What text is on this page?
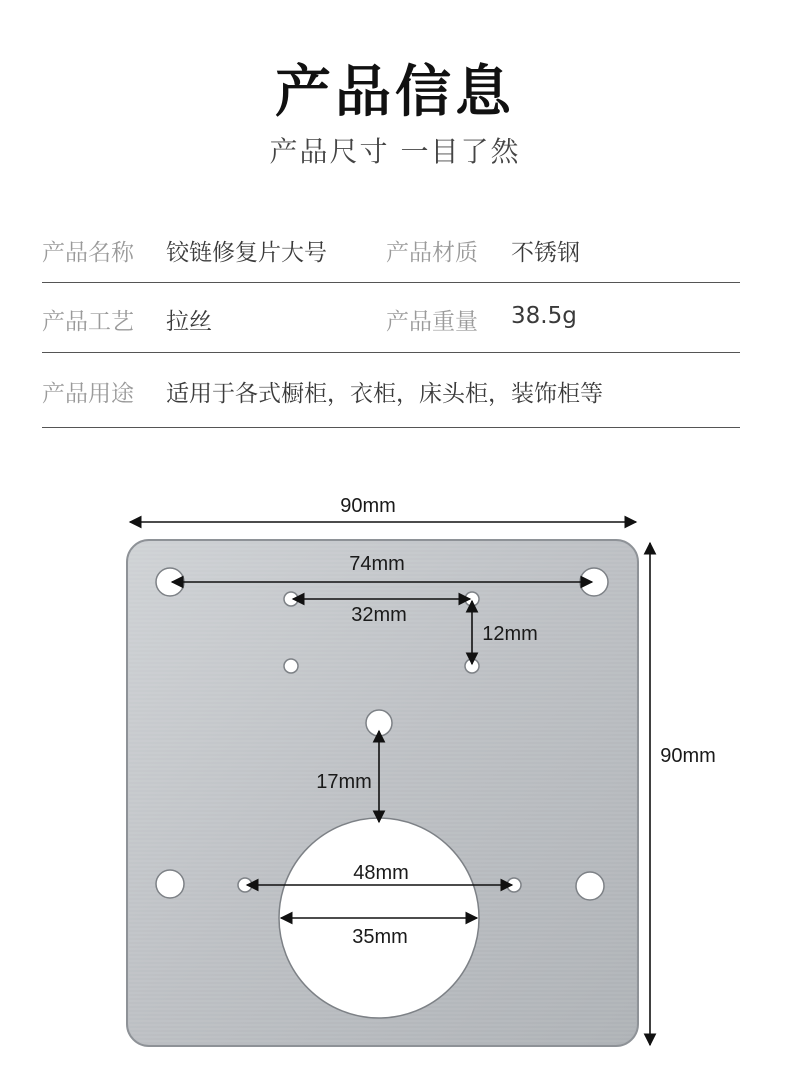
产品信息
产品尺寸 一目了然
产品名称 铰链修复片大号	产品材质 不锈钢
产品工艺 拉丝	产品重量 38.5g
产品用途 适用于各式橱柜，衣柜，床头柜，装饰柜等
90mm
90mm
74mm
32mm
12mm
17mm
48mm
35mm
